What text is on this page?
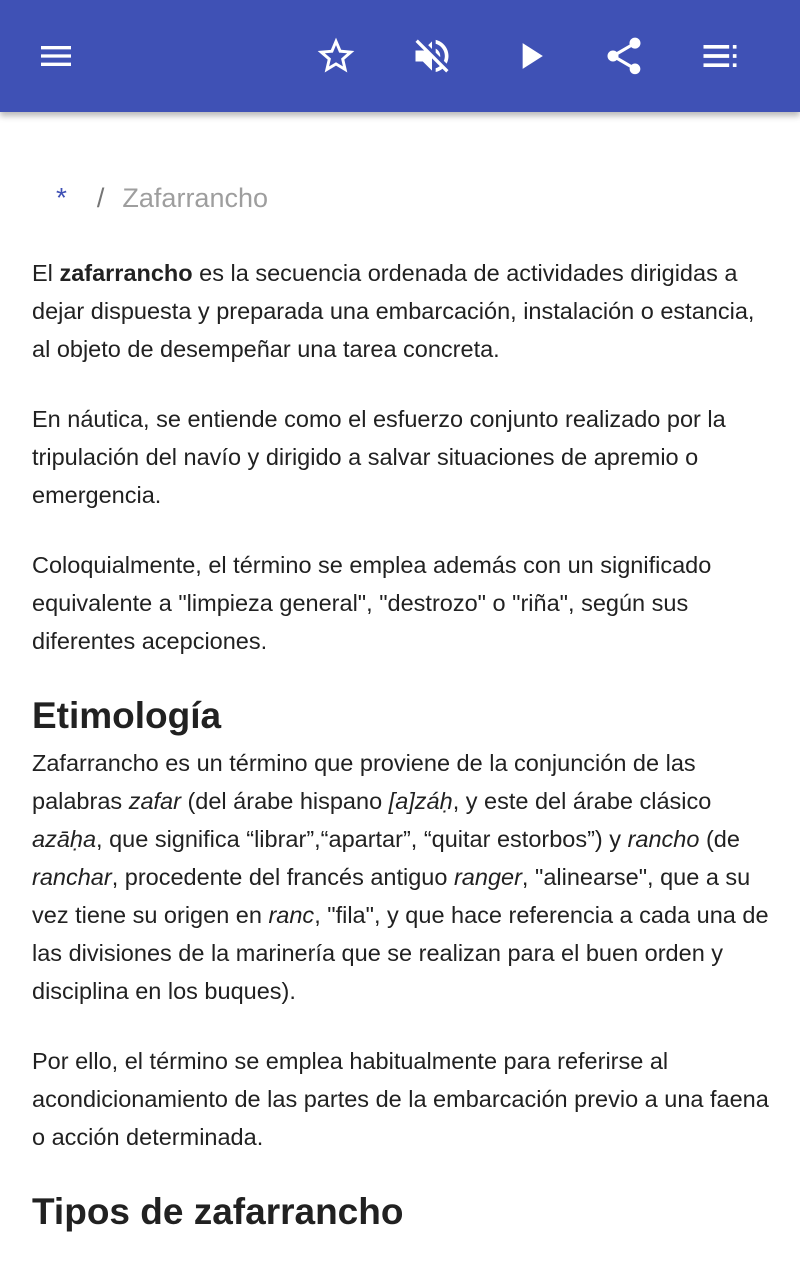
* / Zafarrancho

El zafarrancho es la secuencia ordenada de actividades dirigidas a dejar dispuesta y preparada una embarcación, instalación o estancia, al objeto de desempeñar una tarea concreta.

En náutica, se entiende como el esfuerzo conjunto realizado por la tripulación del navío y dirigido a salvar situaciones de apremio o emergencia.

Coloquialmente, el término se emplea además con un significado equivalente a "limpieza general", "destrozo" o "riña", según sus diferentes acepciones.

Etimología

Zafarrancho es un término que proviene de la conjunción de las palabras zafar (del árabe hispano [a]záḥ, y este del árabe clásico azāḥa, que significa “librar”,“apartar”, “quitar estorbos”) y rancho (de ranchar, procedente del francés antiguo ranger, "alinearse", que a su vez tiene su origen en ranc, "fila", y que hace referencia a cada una de las divisiones de la marinería que se realizan para el buen orden y disciplina en los buques).

Por ello, el término se emplea habitualmente para referirse al acondicionamiento de las partes de la embarcación previo a una faena o acción determinada.

Tipos de zafarrancho
